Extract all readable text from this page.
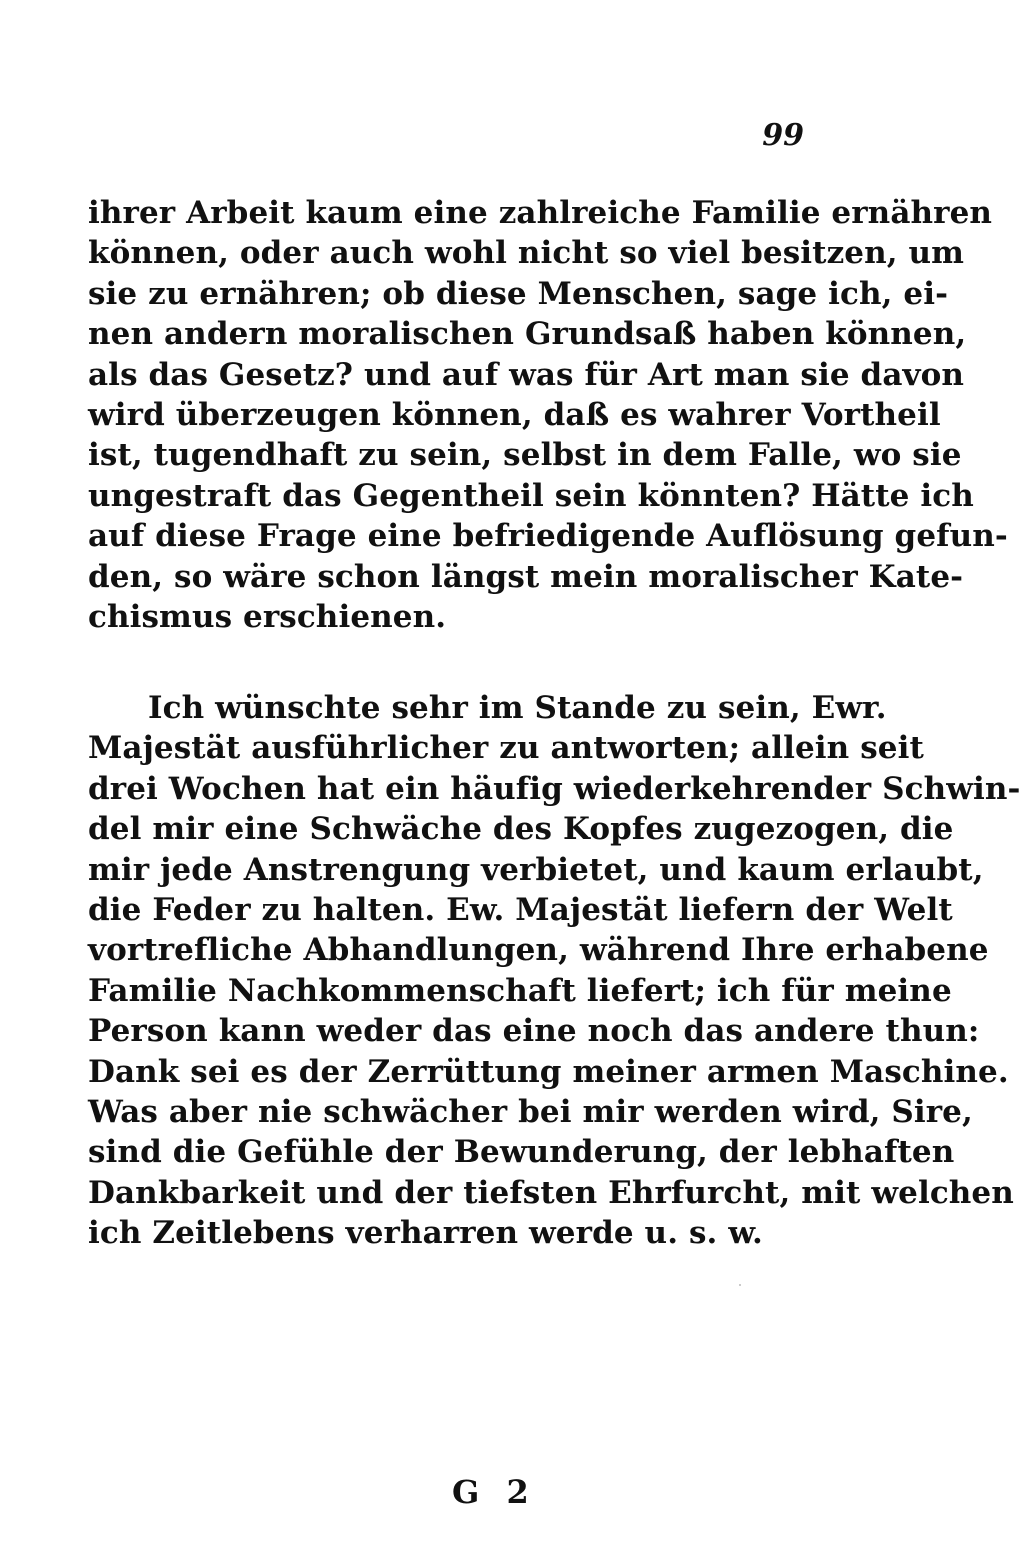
99
ihrer Arbeit kaum eine zahlreiche Familie ernähren
können, oder auch wohl nicht so viel besitzen, um
sie zu ernähren; ob diese Menschen, sage ich, ei-
nen andern moralischen Grundsaß haben können,
als das Gesetz? und auf was für Art man sie davon
wird überzeugen können, daß es wahrer Vortheil
ist, tugendhaft zu sein, selbst in dem Falle, wo sie
ungestraft das Gegentheil sein könnten? Hätte ich
auf diese Frage eine befriedigende Auflösung gefun-
den, so wäre schon längst mein moralischer Kate-
chismus erschienen.
Ich wünschte sehr im Stande zu sein, Ewr.
Majestät ausführlicher zu antworten; allein seit
drei Wochen hat ein häufig wiederkehrender Schwin-
del mir eine Schwäche des Kopfes zugezogen, die
mir jede Anstrengung verbietet, und kaum erlaubt,
die Feder zu halten. Ew. Majestät liefern der Welt
vortrefliche Abhandlungen, während Ihre erhabene
Familie Nachkommenschaft liefert; ich für meine
Person kann weder das eine noch das andere thun:
Dank sei es der Zerrüttung meiner armen Maschine.
Was aber nie schwächer bei mir werden wird, Sire,
sind die Gefühle der Bewunderung, der lebhaften
Dankbarkeit und der tiefsten Ehrfurcht, mit welchen
ich Zeitlebens verharren werde u. s. w.
G 2
